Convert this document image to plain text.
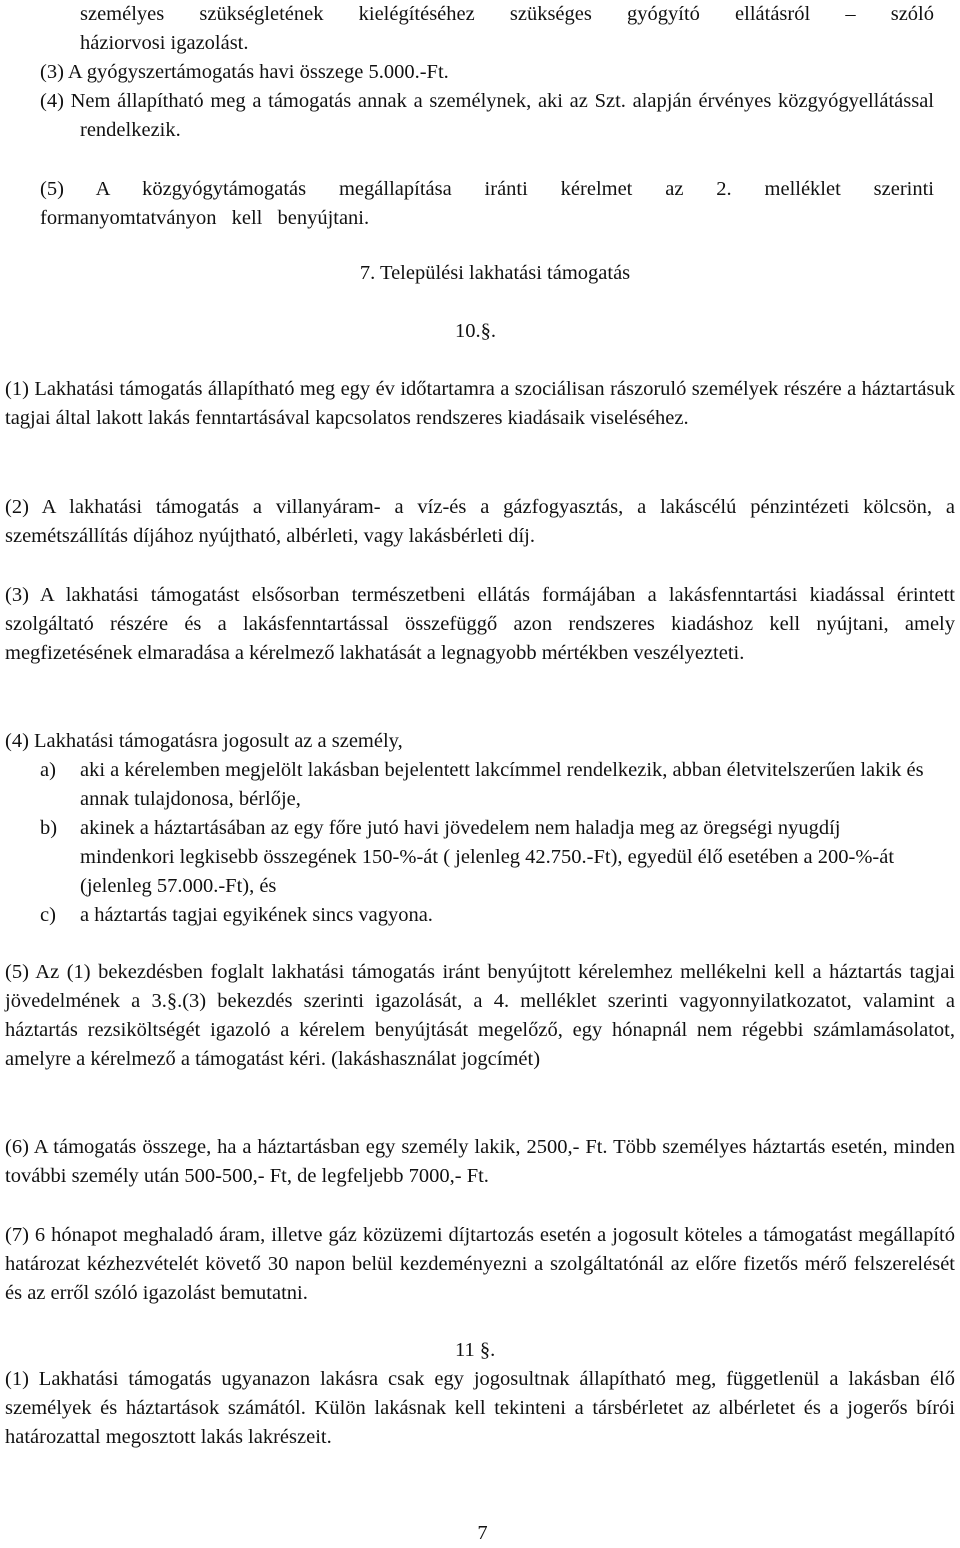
személyes szükségletének kielégítéséhez szükséges gyógyító ellátásról – szóló

háziorvosi igazolást.

(3) A gyógyszertámogatás havi összege 5.000.-Ft.

(4) Nem állapítható meg a támogatás annak a személynek, aki az Szt. alapján érvényes közgyógyellátással rendelkezik.

(5) A közgyógytámogatás megállapítása iránti kérelmet az 2. melléklet szerinti formanyomtatványon kell benyújtani.

7. Települési lakhatási támogatás

10.§.

(1) Lakhatási támogatás állapítható meg egy év időtartamra a szociálisan rászoruló személyek részére a háztartásuk tagjai által lakott lakás fenntartásával kapcsolatos rendszeres kiadásaik viseléséhez.

(2) A lakhatási támogatás a villanyáram- a víz-és a gázfogyasztás, a lakáscélú pénzintézeti kölcsön, a szemétszállítás díjához nyújtható, albérleti, vagy lakásbérleti díj.

(3) A lakhatási támogatást elsősorban természetbeni ellátás formájában a lakásfenntartási kiadással érintett szolgáltató részére és a lakásfenntartással összefüggő azon rendszeres kiadáshoz kell nyújtani, amely megfizetésének elmaradása a kérelmező lakhatását a legnagyobb mértékben veszélyezteti.

(4) Lakhatási támogatásra jogosult az a személy,

a) aki a kérelemben megjelölt lakásban bejelentett lakcímmel rendelkezik, abban életvitelszerűen lakik és annak tulajdonosa, bérlője,
b) akinek a háztartásában az egy főre jutó havi jövedelem nem haladja meg az öregségi nyugdíj mindenkori legkisebb összegének 150-%-át ( jelenleg 42.750.-Ft), egyedül élő esetében a 200-%-át (jelenleg 57.000.-Ft), és
c) a háztartás tagjai egyikének sincs vagyona.

(5) Az (1) bekezdésben foglalt lakhatási támogatás iránt benyújtott kérelemhez mellékelni kell a háztartás tagjai jövedelmének a 3.§.(3) bekezdés szerinti igazolását, a 4. melléklet szerinti vagyonnyilatkozatot, valamint a háztartás rezsiköltségét igazoló a kérelem benyújtását megelőző, egy hónapnál nem régebbi számlamásolatot, amelyre a kérelmező a támogatást kéri. (lakáshasználat jogcímét)

(6) A támogatás összege, ha a háztartásban egy személy lakik, 2500,- Ft. Több személyes háztartás esetén, minden további személy után 500-500,- Ft, de legfeljebb 7000,- Ft.

(7) 6 hónapot meghaladó áram, illetve gáz közüzemi díjtartozás esetén a jogosult köteles a támogatást megállapító határozat kézhezvételét követő 30 napon belül kezdeményezni a szolgáltatónál az előre fizetős mérő felszerelését és az erről szóló igazolást bemutatni.

11 §.

(1) Lakhatási támogatás ugyanazon lakásra csak egy jogosultnak állapítható meg, függetlenül a lakásban élő személyek és háztartások számától. Külön lakásnak kell tekinteni a társbérletet az albérletet és a jogerős bírói határozattal megosztott lakás lakrészeit.

7
